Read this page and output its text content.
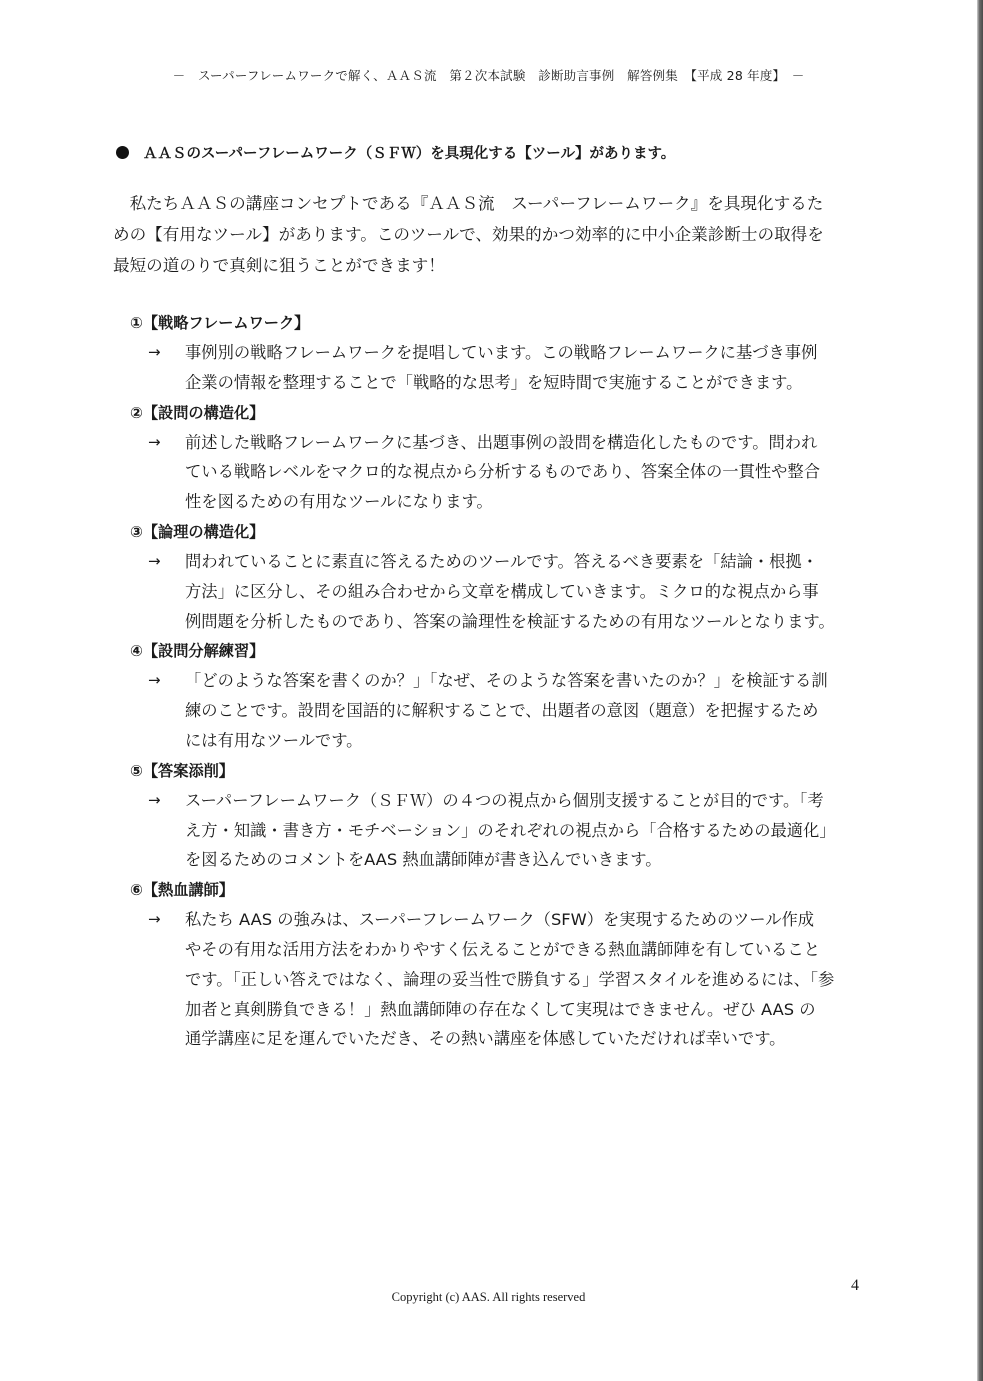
－　スーパーフレームワークで解く、ＡＡＳ流　第２次本試験　診断助言事例　解答例集　【平成 28 年度】　－
ＡＡＳのスーパーフレームワーク（ＳＦＷ）を具現化する【ツール】があります。
　私たちＡＡＳの講座コンセプトである『ＡＡＳ流　スーパーフレームワーク』を具現化するた
めの【有用なツール】があります。このツールで、効果的かつ効率的に中小企業診断士の取得を
最短の道のりで真剣に狙うことができます！
①【戦略フレームワーク】
→ 事例別の戦略フレームワークを提唱しています。この戦略フレームワークに基づき事例
企業の情報を整理することで「戦略的な思考」を短時間で実施することができます。
②【設問の構造化】
→ 前述した戦略フレームワークに基づき、出題事例の設問を構造化したものです。問われ
ている戦略レベルをマクロ的な視点から分析するものであり、答案全体の一貫性や整合
性を図るための有用なツールになります。
③【論理の構造化】
→ 問われていることに素直に答えるためのツールです。答えるべき要素を「結論・根拠・
方法」に区分し、その組み合わせから文章を構成していきます。ミクロ的な視点から事
例問題を分析したものであり、答案の論理性を検証するための有用なツールとなります。
④【設問分解練習】
→ 「どのような答案を書くのか？」「なぜ、そのような答案を書いたのか？」を検証する訓
練のことです。設問を国語的に解釈することで、出題者の意図（題意）を把握するため
には有用なツールです。
⑤【答案添削】
→ スーパーフレームワーク（ＳＦＷ）の４つの視点から個別支援することが目的です。「考
え方・知識・書き方・モチベーション」のそれぞれの視点から「合格するための最適化」
を図るためのコメントをAAS 熱血講師陣が書き込んでいきます。
⑥【熱血講師】
→ 私たち AAS の強みは、スーパーフレームワーク（SFW）を実現するためのツール作成
やその有用な活用方法をわかりやすく伝えることができる熱血講師陣を有していること
です。「正しい答えではなく、論理の妥当性で勝負する」学習スタイルを進めるには、「参
加者と真剣勝負できる！」熱血講師陣の存在なくして実現はできません。ぜひ AAS の
通学講座に足を運んでいただき、その熱い講座を体感していただければ幸いです。
4
Copyright (c) AAS. All rights reserved
